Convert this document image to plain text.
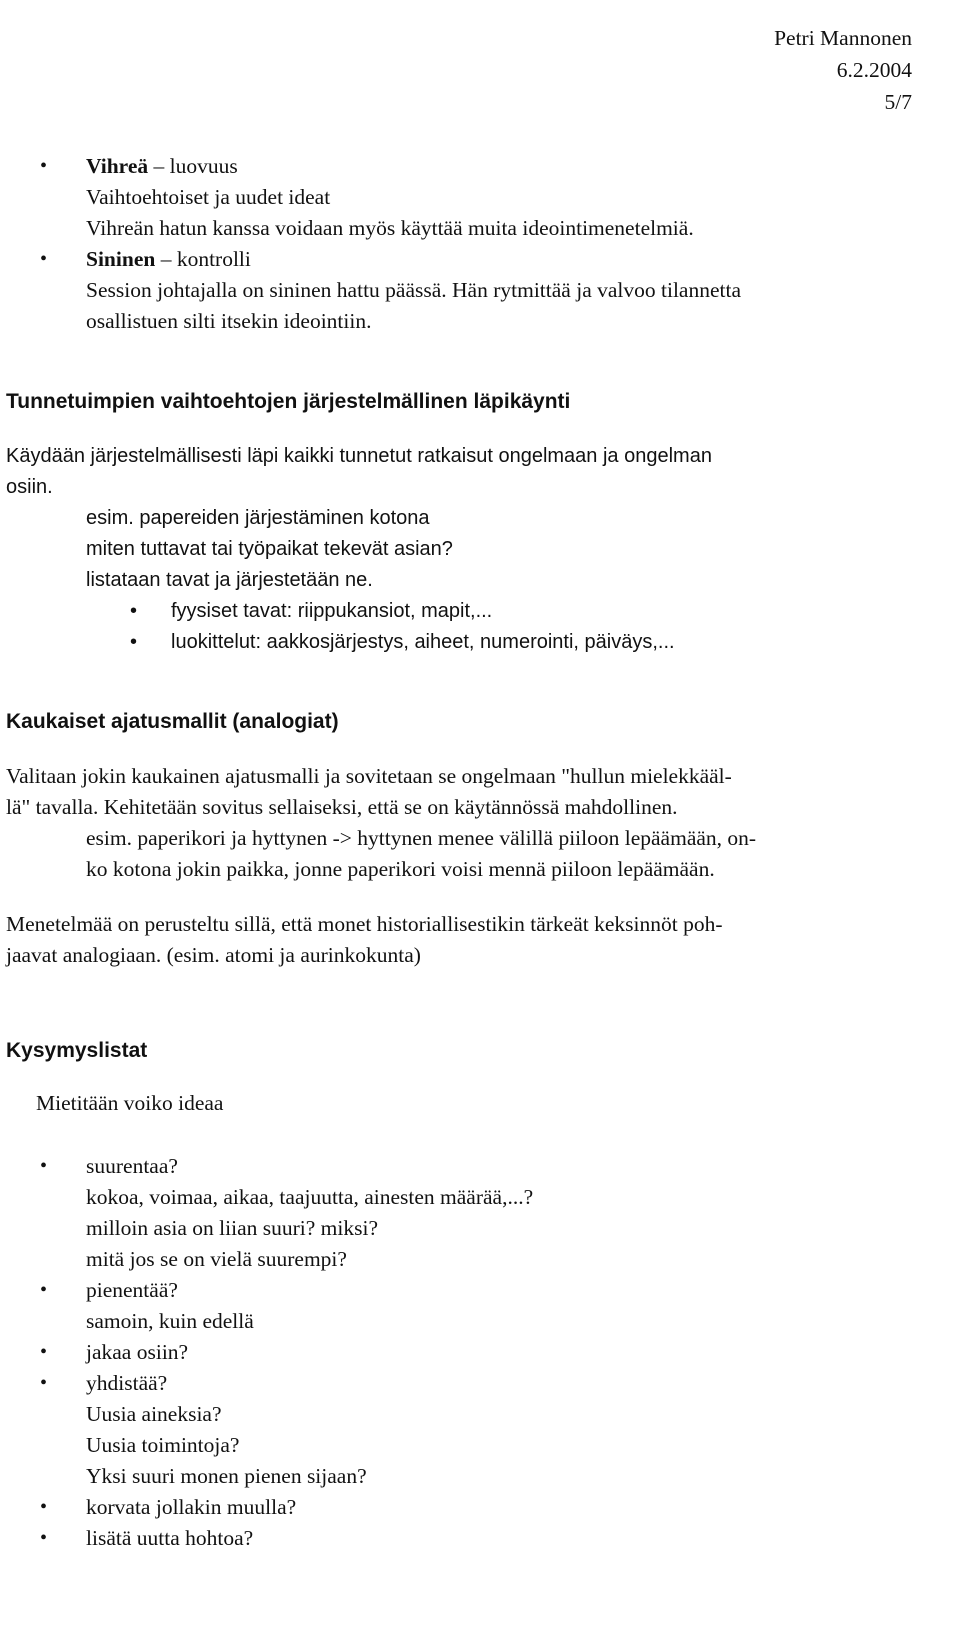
Petri Mannonen
6.2.2004
5/7
• Vihreä – luovuus
Vaihtoehtoiset ja uudet ideat
Vihreän hatun kanssa voidaan myös käyttää muita ideointimenetelmiä.
• Sininen – kontrolli
Session johtajalla on sininen hattu päässä. Hän rytmittää ja valvoo tilannetta
osallistuen silti itsekin ideointiin.
Tunnetuimpien vaihtoehtojen järjestelmällinen läpikäynti
Käydään järjestelmällisesti läpi kaikki tunnetut ratkaisut ongelmaan ja ongelman
osiin.
esim. papereiden järjestäminen kotona
miten tuttavat tai työpaikat tekevät asian?
listataan tavat ja järjestetään ne.
• fyysiset tavat: riippukansiot, mapit,...
• luokittelut: aakkosjärjestys, aiheet, numerointi, päiväys,...
Kaukaiset ajatusmallit (analogiat)
Valitaan jokin kaukainen ajatusmalli ja sovitetaan se ongelmaan "hullun mielekkääl-
lä" tavalla. Kehitetään sovitus sellaiseksi, että se on käytännössä mahdollinen.
esim. paperikori ja hyttynen -> hyttynen menee välillä piiloon lepäämään, on-
ko kotona jokin paikka, jonne paperikori voisi mennä piiloon lepäämään.
Menetelmää on perusteltu sillä, että monet historiallisestikin tärkeät keksinnöt poh-
jaavat analogiaan. (esim. atomi ja aurinkokunta)
Kysymyslistat
Mietitään voiko ideaa
• suurentaa?
kokoa, voimaa, aikaa, taajuutta, ainesten määrää,...?
milloin asia on liian suuri? miksi?
mitä jos se on vielä suurempi?
• pienentää?
samoin, kuin edellä
• jakaa osiin?
• yhdistää?
Uusia aineksia?
Uusia toimintoja?
Yksi suuri monen pienen sijaan?
• korvata jollakin muulla?
• lisätä uutta hohtoa?
